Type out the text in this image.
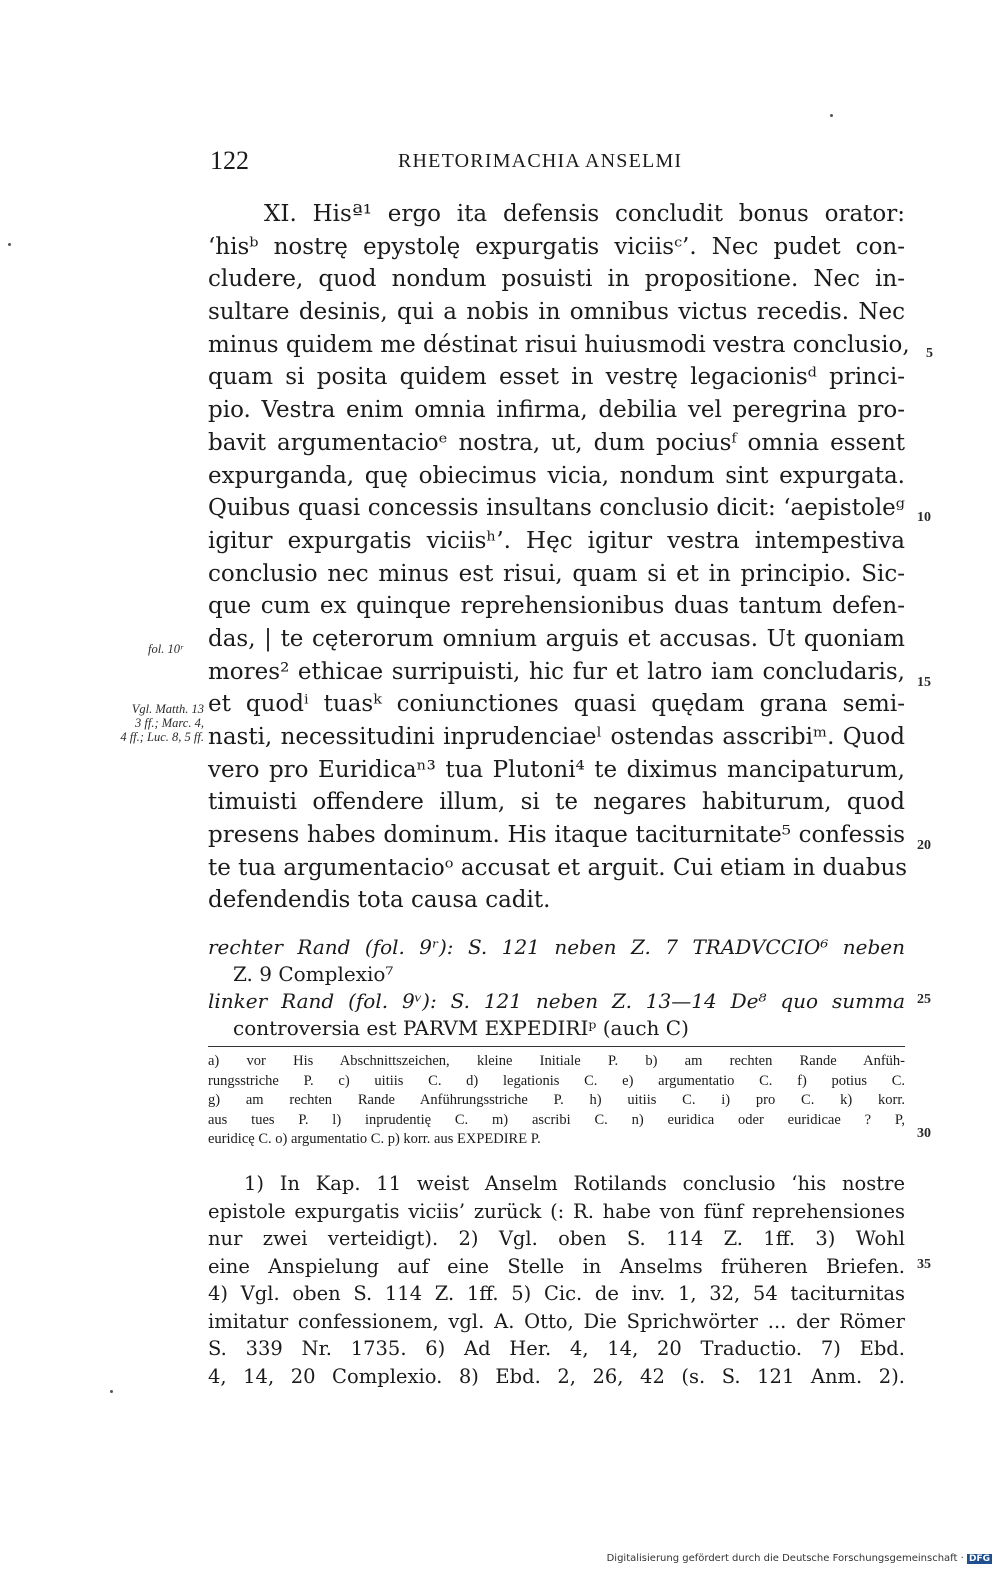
122	RHETORIMACHIA ANSELMI
XI. Hisª¹ ergo ita defensis concludit bonus orator:
‘hisᵇ nostrę epystolę expurgatis viciisᶜ’. Nec pudet con-
cludere, quod nondum posuisti in propositione. Nec in-
sultare desinis, qui a nobis in omnibus victus recedis. Nec
minus quidem me déstinat risui huiusmodi vestra conclusio,
quam si posita quidem esset in vestrę legacionisᵈ princi-
pio. Vestra enim omnia infirma, debilia vel peregrina pro-
bavit argumentacioᵉ nostra, ut, dum pociusᶠ omnia essent
expurganda, quę obiecimus vicia, nondum sint expurgata.
Quibus quasi concessis insultans conclusio dicit: ‘aepistoleᵍ
igitur expurgatis viciisʰ’. Hęc igitur vestra intempestiva
conclusio nec minus est risui, quam si et in principio. Sic-
que cum ex quinque reprehensionibus duas tantum defen-
das, | te cęterorum omnium arguis et accusas. Ut quoniam
mores² ethicae surripuisti, hic fur et latro iam concludaris,
et quodⁱ tuasᵏ coniunctiones quasi quędam grana semi-
nasti, necessitudini inprudenciaeˡ ostendas asscribiᵐ. Quod
vero pro Euridicaⁿ³ tua Plutoni⁴ te diximus mancipaturum,
timuisti offendere illum, si te negares habiturum, quod
presens habes dominum. His itaque taciturnitate⁵ confessis
te tua argumentacioᵒ accusat et arguit. Cui etiam in duabus
defendendis tota causa cadit.
fol. 10ʳ
Vgl. Matth. 13
3 ff.; Marc. 4,
4 ff.; Luc. 8, 5 ff.
5
10
15
20
25
30
35
rechter Rand (fol. 9ʳ): S. 121 neben Z. 7 TRADVCCIO⁶ neben
Z. 9 Complexio⁷
linker Rand (fol. 9ᵛ): S. 121 neben Z. 13—14 De⁸ quo summa
controversia est PARVM EXPEDIRIᵖ (auch C)
a) vor His Abschnittszeichen, kleine Initiale P. b) am rechten Rande Anfüh-
rungsstriche P. c) uitiis C. d) legationis C. e) argumentatio C. f) potius C.
g) am rechten Rande Anführungsstriche P. h) uitiis C. i) pro C. k) korr.
aus tues P. l) inprudentię C. m) ascribi C. n) euridica oder euridicae ? P,
euridicę C. o) argumentatio C. p) korr. aus EXPEDIRE P.
1) In Kap. 11 weist Anselm Rotilands conclusio ‘his nostre
epistole expurgatis viciis’ zurück (: R. habe von fünf reprehensiones
nur zwei verteidigt). 2) Vgl. oben S. 114 Z. 1ff. 3) Wohl
eine Anspielung auf eine Stelle in Anselms früheren Briefen.
4) Vgl. oben S. 114 Z. 1ff. 5) Cic. de inv. 1, 32, 54 taciturnitas
imitatur confessionem, vgl. A. Otto, Die Sprichwörter ... der Römer
S. 339 Nr. 1735. 6) Ad Her. 4, 14, 20 Traductio. 7) Ebd.
4, 14, 20 Complexio. 8) Ebd. 2, 26, 42 (s. S. 121 Anm. 2).
Digitalisierung gefördert durch die Deutsche Forschungsgemeinschaft · DFG
